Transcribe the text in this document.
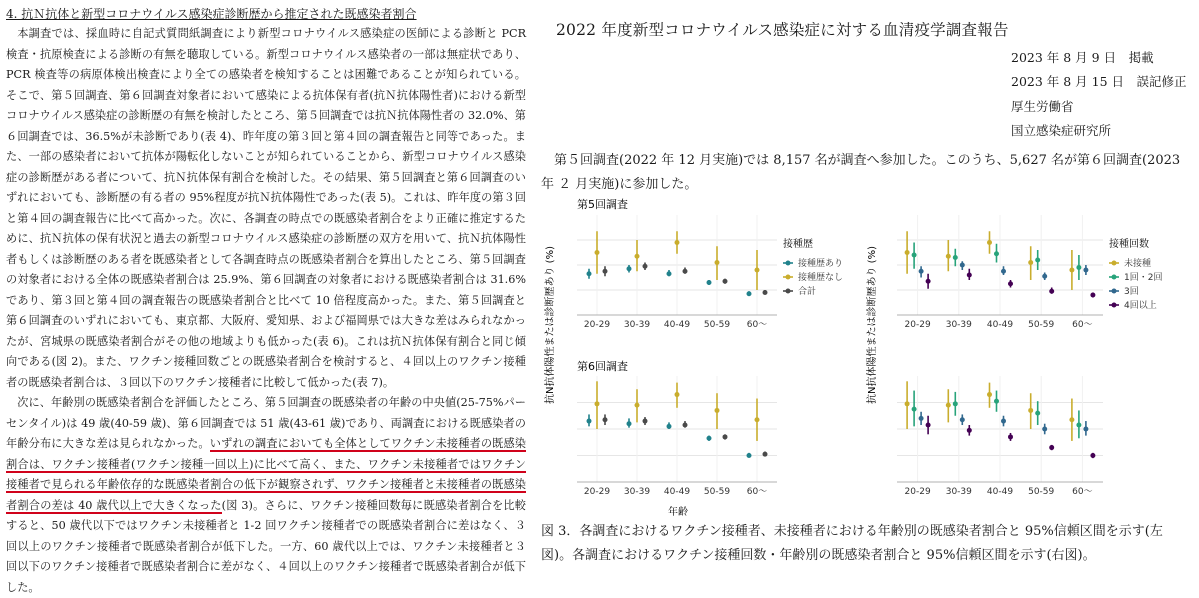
4. 抗Ｎ抗体と新型コロナウイルス感染症診断歴から推定された既感染者割合

本調査では、採血時に自記式質問紙調査により新型コロナウイルス感染症の医師による診断と PCR 検査・抗原検査による診断の有無を聴取している。新型コロナウイルス感染者の一部は無症状であり、PCR 検査等の病原体検出検査により全ての感染者を検知することは困難であることが知られている。そこで、第５回調査、第６回調査対象者において感染による抗体保有者(抗Ｎ抗体陽性者)における新型コロナウイルス感染症の診断歴の有無を検討したところ、第５回調査では抗Ｎ抗体陽性者の 32.0%、第６回調査では、36.5%が未診断であり(表 4)、昨年度の第３回と第４回の調査報告と同等であった。また、一部の感染者において抗体が陽転化しないことが知られていることから、新型コロナウイルス感染症の診断歴がある者について、抗Ｎ抗体保有割合を検討した。その結果、第５回調査と第６回調査のいずれにおいても、診断歴の有る者の 95%程度が抗Ｎ抗体陽性であった(表 5)。これは、昨年度の第３回と第４回の調査報告に比べて高かった。次に、各調査の時点での既感染者割合をより正確に推定するために、抗Ｎ抗体の保有状況と過去の新型コロナウイルス感染症の診断歴の双方を用いて、抗Ｎ抗体陽性者もしくは診断歴のある者を既感染者として各調査時点の既感染者割合を算出したところ、第５回調査の対象者における全体の既感染者割合は 25.9%、第６回調査の対象者における既感染者割合は 31.6%であり、第３回と第４回の調査報告の既感染者割合と比べて 10 倍程度高かった。また、第５回調査と第６回調査のいずれにおいても、東京都、大阪府、愛知県、および福岡県では大きな差はみられなかったが、宮城県の既感染者割合がその他の地域よりも低かった(表 6)。これは抗Ｎ抗体保有割合と同じ傾向である(図 2)。また、ワクチン接種回数ごとの既感染者割合を検討すると、４回以上のワクチン接種者の既感染者割合は、３回以下のワクチン接種者に比較して低かった(表 7)。

次に、年齢別の既感染者割合を評価したところ、第５回調査の既感染者の年齢の中央値(25-75%パーセンタイル)は 49 歳(40-59 歳)、第６回調査では 51 歳(43-61 歳)であり、両調査における既感染者の年齢分布に大きな差は見られなかった。いずれの調査においても全体としてワクチン未接種者の既感染割合は、ワクチン接種者(ワクチン接種一回以上)に比べて高く、また、ワクチン未接種者ではワクチン接種者で見られる年齢依存的な既感染者割合の低下が観察されず、ワクチン接種者と未接種者の既感染者割合の差は 40 歳代以上で大きくなった(図 3)。さらに、ワクチン接種回数毎に既感染者割合を比較すると、50 歳代以下ではワクチン未接種者と 1-2 回ワクチン接種者での既感染者割合に差はなく、３回以上のワクチン接種者で既感染者割合が低下した。一方、60 歳代以上では、ワクチン未接種者と３回以下のワクチン接種者で既感染者割合に差がなく、４回以上のワクチン接種者で既感染者割合が低下した。

2022 年度新型コロナウイルス感染症に対する血清疫学調査報告
2023 年 8 月 9 日　掲載
2023 年 8 月 15 日　誤記修正
厚生労働省
国立感染症研究所
第５回調査(2022 年 12 月実施)では 8,157 名が調査へ参加した。このうち、5,627 名が第６回調査(2023 年 ２ 月実施)に参加した。
抗N抗体陽性または診断歴あり (%)
第5回調査
第6回調査
20-29 30-39 40-49 50-59 60～
20-29 30-39 40-49 50-59 60～
年齢
接種歴
接種歴あり
接種歴なし
合計	抗N抗体陽性または診断歴あり (%)	20-29 30-39 40-49 50-59 60～
20-29 30-39 40-49 50-59 60～
接種回数
未接種
1回・2回
3回
4回以上
図 3．各調査におけるワクチン接種者、未接種者における年齢別の既感染者割合と 95%信頼区間を示す(左図)。各調査におけるワクチン接種回数・年齢別の既感染者割合と 95%信頼区間を示す(右図)。
